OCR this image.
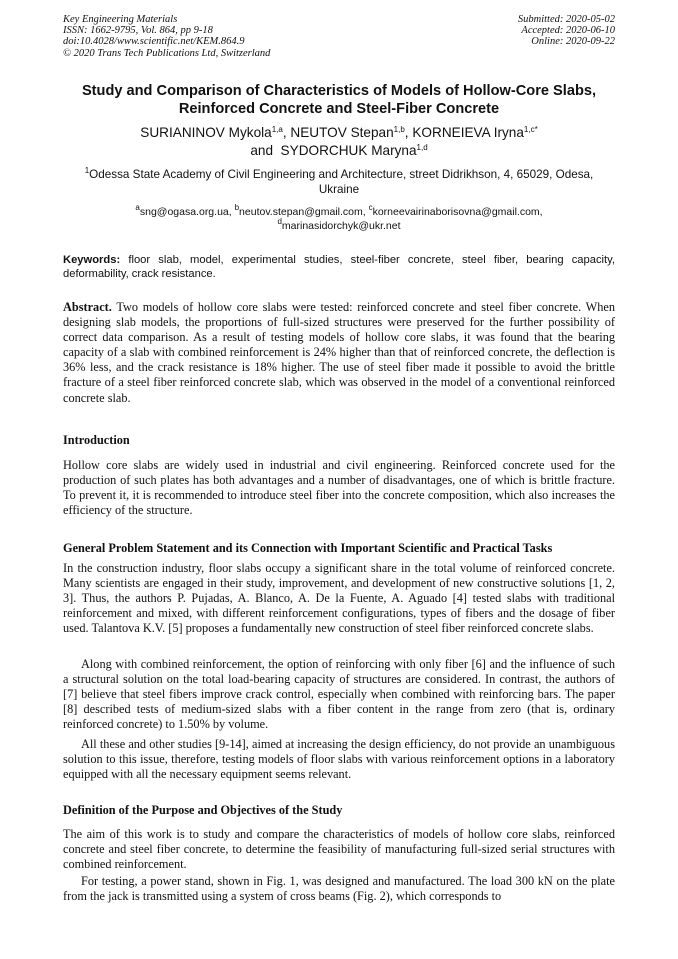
Key Engineering Materials
ISSN: 1662-9795, Vol. 864, pp 9-18
doi:10.4028/www.scientific.net/KEM.864.9
© 2020 Trans Tech Publications Ltd, Switzerland
Submitted: 2020-05-02
Accepted: 2020-06-10
Online: 2020-09-22
Study and Comparison of Characteristics of Models of Hollow-Core Slabs, Reinforced Concrete and Steel-Fiber Concrete
SURIANINOV Mykola$^{1,a}$, NEUTOV Stepan$^{1,b}$, KORNEIEVA Iryna$^{1,c*}$
and  SYDORCHUK Maryna$^{1,d}$
$^1$Odessa State Academy of Civil Engineering and Architecture, street Didrikhson, 4, 65029, Odesa, Ukraine
$^a$sng@ogasa.org.ua, $^b$neutov.stepan@gmail.com, $^c$korneevairinaborisovna@gmail.com,
$^d$marinasidorchyk@ukr.net
Keywords: floor slab, model, experimental studies, steel-fiber concrete, steel fiber, bearing capacity, deformability, crack resistance.

Abstract. Two models of hollow core slabs were tested: reinforced concrete and steel fiber concrete. When designing slab models, the proportions of full-sized structures were preserved for the further possibility of correct data comparison. As a result of testing models of hollow core slabs, it was found that the bearing capacity of a slab with combined reinforcement is 24% higher than that of reinforced concrete, the deflection is 36% less, and the crack resistance is 18% higher. The use of steel fiber made it possible to avoid the brittle fracture of a steel fiber reinforced concrete slab, which was observed in the model of a conventional reinforced concrete slab.

Introduction

Hollow core slabs are widely used in industrial and civil engineering. Reinforced concrete used for the production of such plates has both advantages and a number of disadvantages, one of which is brittle fracture. To prevent it, it is recommended to introduce steel fiber into the concrete composition, which also increases the efficiency of the structure.

General Problem Statement and its Connection with Important Scientific and Practical Tasks

In the construction industry, floor slabs occupy a significant share in the total volume of reinforced concrete. Many scientists are engaged in their study, improvement, and development of new constructive solutions [1, 2, 3]. Thus, the authors P. Pujadas, A. Blanco, A. De la Fuente, A. Aguado [4] tested slabs with traditional reinforcement and mixed, with different reinforcement configurations, types of fibers and the dosage of fiber used. Talantova K.V. [5] proposes a fundamentally new construction of steel fiber reinforced concrete slabs.

Along with combined reinforcement, the option of reinforcing with only fiber [6] and the influence of such a structural solution on the total load-bearing capacity of structures are considered. In contrast, the authors of [7] believe that steel fibers improve crack control, especially when combined with reinforcing bars. The paper [8] described tests of medium-sized slabs with a fiber content in the range from zero (that is, ordinary reinforced concrete) to 1.50% by volume.

All these and other studies [9-14], aimed at increasing the design efficiency, do not provide an unambiguous solution to this issue, therefore, testing models of floor slabs with various reinforcement options in a laboratory equipped with all the necessary equipment seems relevant.

Definition of the Purpose and Objectives of the Study

The aim of this work is to study and compare the characteristics of models of hollow core slabs, reinforced concrete and steel fiber concrete, to determine the feasibility of manufacturing full-sized serial structures with combined reinforcement.

For testing, a power stand, shown in Fig. 1, was designed and manufactured. The load 300 kN on the plate from the jack is transmitted using a system of cross beams (Fig. 2), which corresponds to
